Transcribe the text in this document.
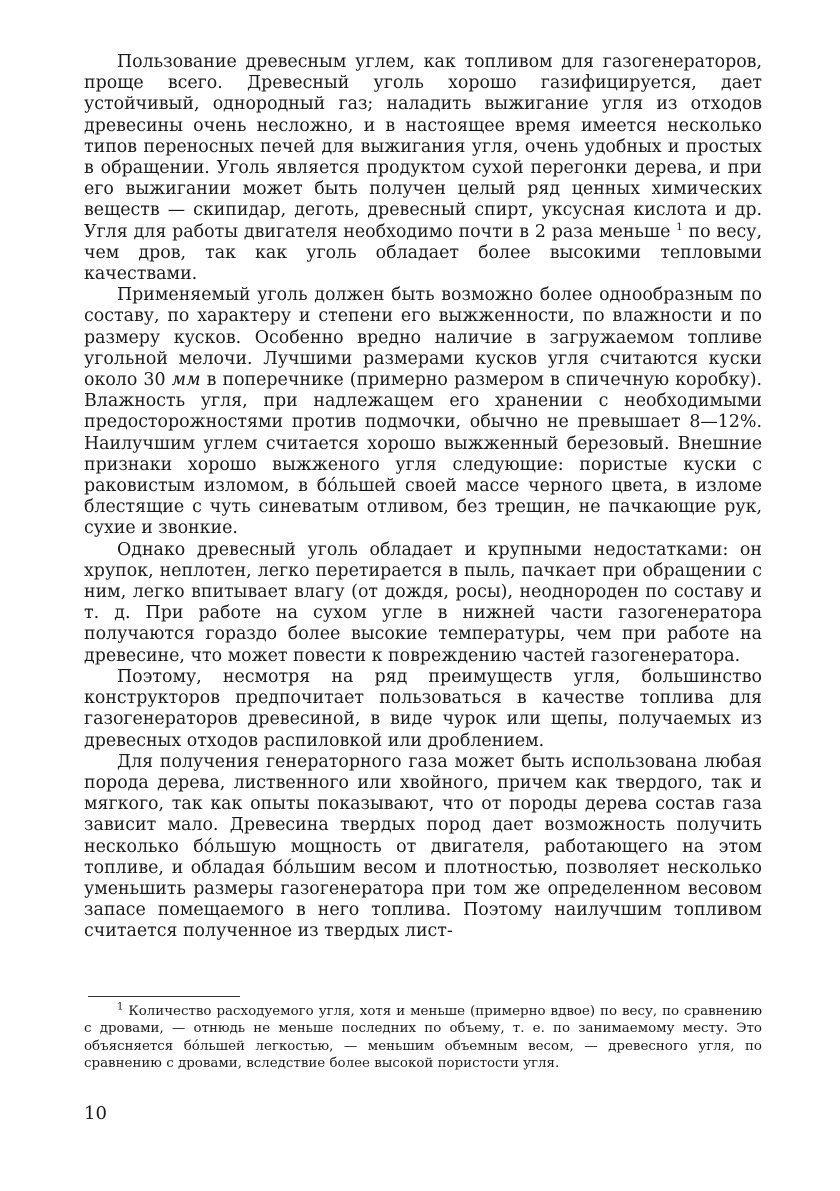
Пользование древесным углем, как топливом для газогенераторов, проще всего. Древесный уголь хорошо газифицируется, дает устойчивый, однородный газ; наладить выжигание угля из отходов древесины очень несложно, и в настоящее время имеется несколько типов переносных печей для выжигания угля, очень удобных и простых в обращении. Уголь является продуктом сухой перегонки дерева, и при его выжигании может быть получен целый ряд ценных химических веществ — скипидар, деготь, древесный спирт, уксусная кислота и др. Угля для работы двигателя необходимо почти в 2 раза меньше $^1$ по весу, чем дров, так как уголь обладает более высокими тепловыми качествами.

Применяемый уголь должен быть возможно более однообразным по составу, по характеру и степени его выжженности, по влажности и по размеру кусков. Особенно вредно наличие в загружаемом топливе угольной мелочи. Лучшими размерами кусков угля считаются куски около 30 мм в поперечнике (примерно размером в спичечную коробку). Влажность угля, при надлежащем его хранении с необходимыми предосторожностями против подмочки, обычно не превышает 8—12%. Наилучшим углем считается хорошо выжженный березовый. Внешние признаки хорошо выжженого угля следующие: пористые куски с раковистым изломом, в бóльшей своей массе черного цвета, в изломе блестящие с чуть синеватым отливом, без трещин, не пачкающие рук, сухие и звонкие.

Однако древесный уголь обладает и крупными недостатками: он хрупок, неплотен, легко перетирается в пыль, пачкает при обращении с ним, легко впитывает влагу (от дождя, росы), неоднороден по составу и т. д. При работе на сухом угле в нижней части газогенератора получаются гораздо более высокие температуры, чем при работе на древесине, что может повести к повреждению частей газогенератора.

Поэтому, несмотря на ряд преимуществ угля, большинство конструкторов предпочитает пользоваться в качестве топлива для газогенераторов древесиной, в виде чурок или щепы, получаемых из древесных отходов распиловкой или дроблением.

Для получения генераторного газа может быть использована любая порода дерева, лиственного или хвойного, причем как твердого, так и мягкого, так как опыты показывают, что от породы дерева состав газа зависит мало. Древесина твердых пород дает возможность получить несколько бóльшую мощность от двигателя, работающего на этом топливе, и обладая бóльшим весом и плотностью, позволяет несколько уменьшить размеры газогенератора при том же определенном весовом запасе помещаемого в него топлива. Поэтому наилучшим топливом считается полученное из твердых лист-

$^1$ Количество расходуемого угля, хотя и меньше (примерно вдвое) по весу, по сравнению с дровами, — отнюдь не меньше последних по объему, т. е. по занимаемому месту. Это объясняется бóльшей легкостью, — меньшим объемным весом, — древесного угля, по сравнению с дровами, вследствие более высокой пористости угля.

10
